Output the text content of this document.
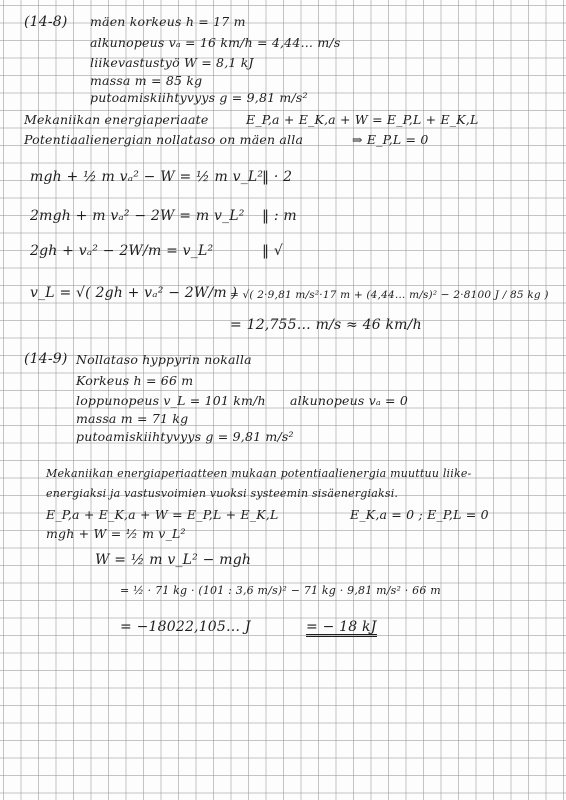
(14-8) mäen korkeus h = 17 m
alkunopeus vₐ = 16 km/h = 4,44… m/s
liikevastustyö W = 8,1 kJ
massa m = 85 kg
putoamiskiihtyvyys g = 9,81 m/s²
Mekaniikan energiaperiaate	E_P,a + E_K,a + W = E_P,L + E_K,L
Potentiaalienergian nollataso on mäen alla	⇒ E_P,L = 0
mgh + ½ m vₐ² − W = ½ m v_L²
‖ · 2
2mgh + m vₐ² − 2W = m v_L² ‖ : m
2gh + vₐ² − 2W/m = v_L²	‖ √
v_L = √( 2gh + vₐ² − 2W/m )
= √( 2·9,81 m/s²·17 m + (4,44… m/s)² − 2·8100 J / 85 kg )
= 12,755… m/s ≈ 46 km/h
(14-9) Nollataso hyppyrin nokalla
Korkeus h = 66 m
loppunopeus v_L = 101 km/h alkunopeus vₐ = 0
massa m = 71 kg
putoamiskiihtyvyys g = 9,81 m/s²
Mekaniikan energiaperiaatteen mukaan potentiaalienergia muuttuu liike-
energiaksi ja vastusvoimien vuoksi systeemin sisäenergiaksi.
E_P,a + E_K,a + W = E_P,L + E_K,L	E_K,a = 0 ; E_P,L = 0
mgh + W = ½ m v_L²
W = ½ m v_L² − mgh
= ½ · 71 kg · (101 : 3,6 m/s)² − 71 kg · 9,81 m/s² · 66 m
= −18022,105… J	= − 18 kJ
